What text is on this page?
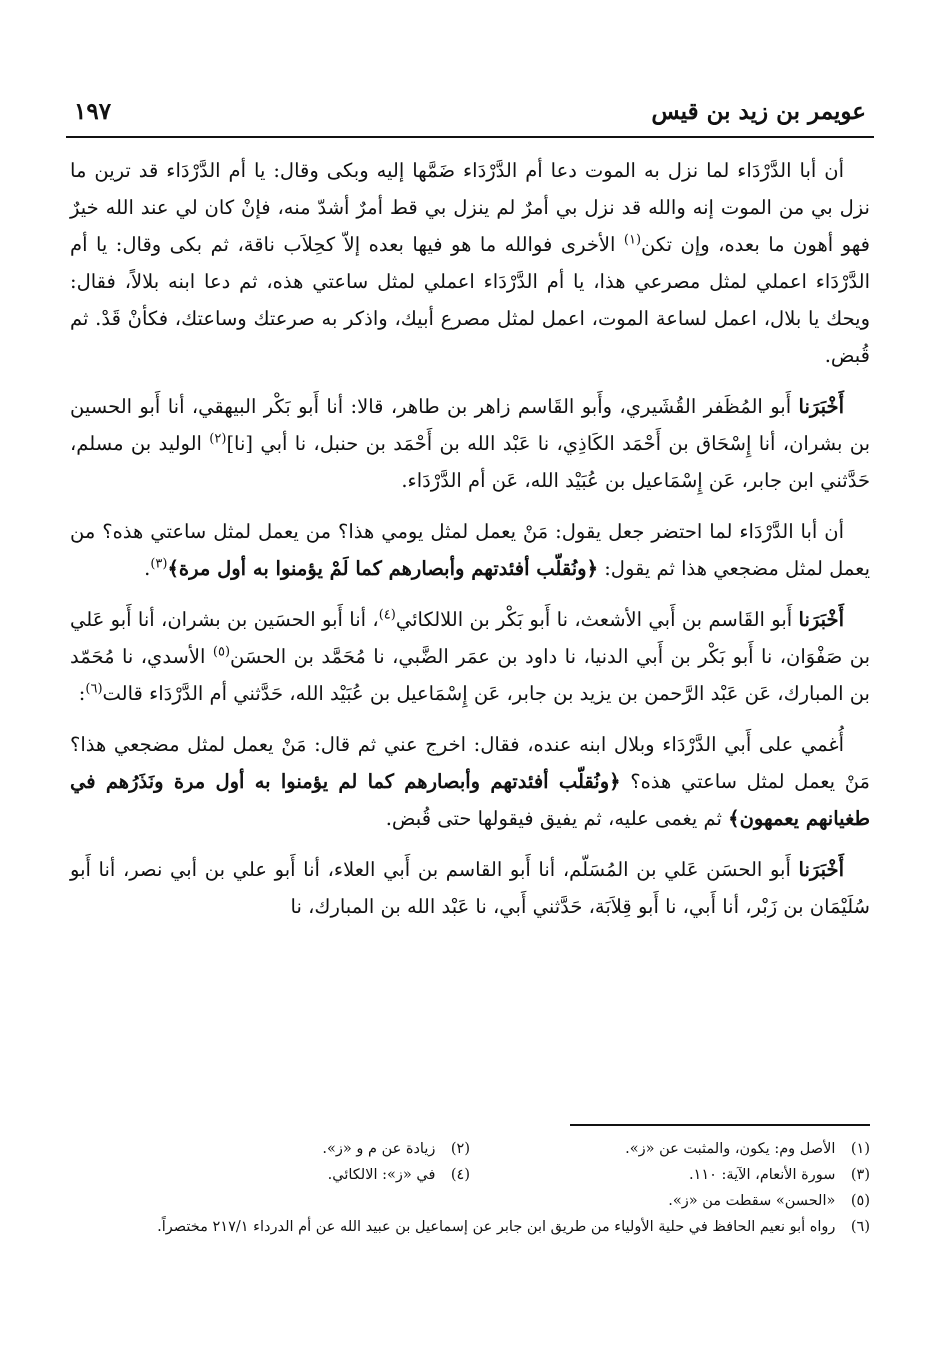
عويمر بن زيد بن قيس
١٩٧

أن أبا الدَّرْدَاء لما نزل به الموت دعا أم الدَّرْدَاء ضَمَّها إليه وبكى وقال: يا أم الدَّرْدَاء قد ترين ما نزل بي من الموت إنه والله قد نزل بي أمرٌ لم ينزل بي قط أمرٌ أشدّ منه، فإنْ كان لي عند الله خيرٌ فهو أهون ما بعده، وإن تكن$^{(١)}$ الأخرى فوالله ما هو فيها بعده إلاّ كحِلاَب ناقة، ثم بكى وقال: يا أم الدَّرْدَاء اعملي لمثل مصرعي هذا، يا أم الدَّرْدَاء اعملي لمثل ساعتي هذه، ثم دعا ابنه بلالاً، فقال: ويحك يا بلال، اعمل لساعة الموت، اعمل لمثل مصرع أبيك، واذكر به صرعتك وساعتك، فكأنْ قَدْ. ثم قُبض.

أَخْبَرَنا أَبو المُظَفر القُشَيري، وأَبو القَاسم زاهر بن طاهر، قالا: أنا أَبو بَكْر البيهقي، أنا أَبو الحسين بن بشران، أنا إِسْحَاق بن أَحْمَد الكَاذِي، نا عَبْد الله بن أَحْمَد بن حنبل، نا أبي [نا]$^{(٢)}$ الوليد بن مسلم، حَدَّثني ابن جابر، عَن إِسْمَاعيل بن عُبَيْد الله، عَن أم الدَّرْدَاء.

أن أبا الدَّرْدَاء لما احتضر جعل يقول: مَنْ يعمل لمثل يومي هذا؟ من يعمل لمثل ساعتي هذه؟ من يعمل لمثل مضجعي هذا ثم يقول: ﴿ونُقلّب أفئدتهم وأبصارهم كما لَمْ يؤمنوا به أول مرة﴾$^{(٣)}$.

أَخْبَرَنا أَبو القَاسم بن أَبي الأشعث، نا أَبو بَكْر بن اللالكائي$^{(٤)}$، أنا أَبو الحسَين بن بشران، أنا أَبو عَلي بن صَفْوَان، نا أَبو بَكْر بن أَبي الدنيا، نا داود بن عمَر الضَّبي، نا مُحَمَّد بن الحسَن$^{(٥)}$ الأسدي، نا مُحَمّد بن المبارك، عَن عَبْد الرَّحمن بن يزيد بن جابر، عَن إِسْمَاعيل بن عُبَيْد الله، حَدَّثني أم الدَّرْدَاء قالت$^{(٦)}$:

أُغمي على أَبي الدَّرْدَاء وبلال ابنه عنده، فقال: اخرج عني ثم قال: مَنْ يعمل لمثل مضجعي هذا؟ مَنْ يعمل لمثل ساعتي هذه؟ ﴿ونُقلّب أفئدتهم وأبصارهم كما لم يؤمنوا به أول مرة ونَذَرُهم في طغيانهم يعمهون﴾ ثم يغمى عليه، ثم يفيق فيقولها حتى قُبض.

أَخْبَرَنا أَبو الحسَن عَلي بن المُسَلّم، أنا أَبو القاسم بن أَبي العلاء، أنا أَبو علي بن أبي نصر، أنا أَبو سُلَيْمَان بن زَبْر، أنا أَبي، نا أَبو قِلاَبَة، حَدَّثني أَبي، نا عَبْد الله بن المبارك، نا

(١) الأصل وم: يكون، والمثبت عن «ز».
(٢) زيادة عن م و «ز».
(٣) سورة الأنعام، الآية: ١١٠.
(٤) في «ز»: الالكائي.
(٥) «الحسن» سقطت من «ز».
(٦) رواه أبو نعيم الحافظ في حلية الأولياء من طريق ابن جابر عن إسماعيل بن عبيد الله عن أم الدرداء ٢١٧/١ مختصراً.
